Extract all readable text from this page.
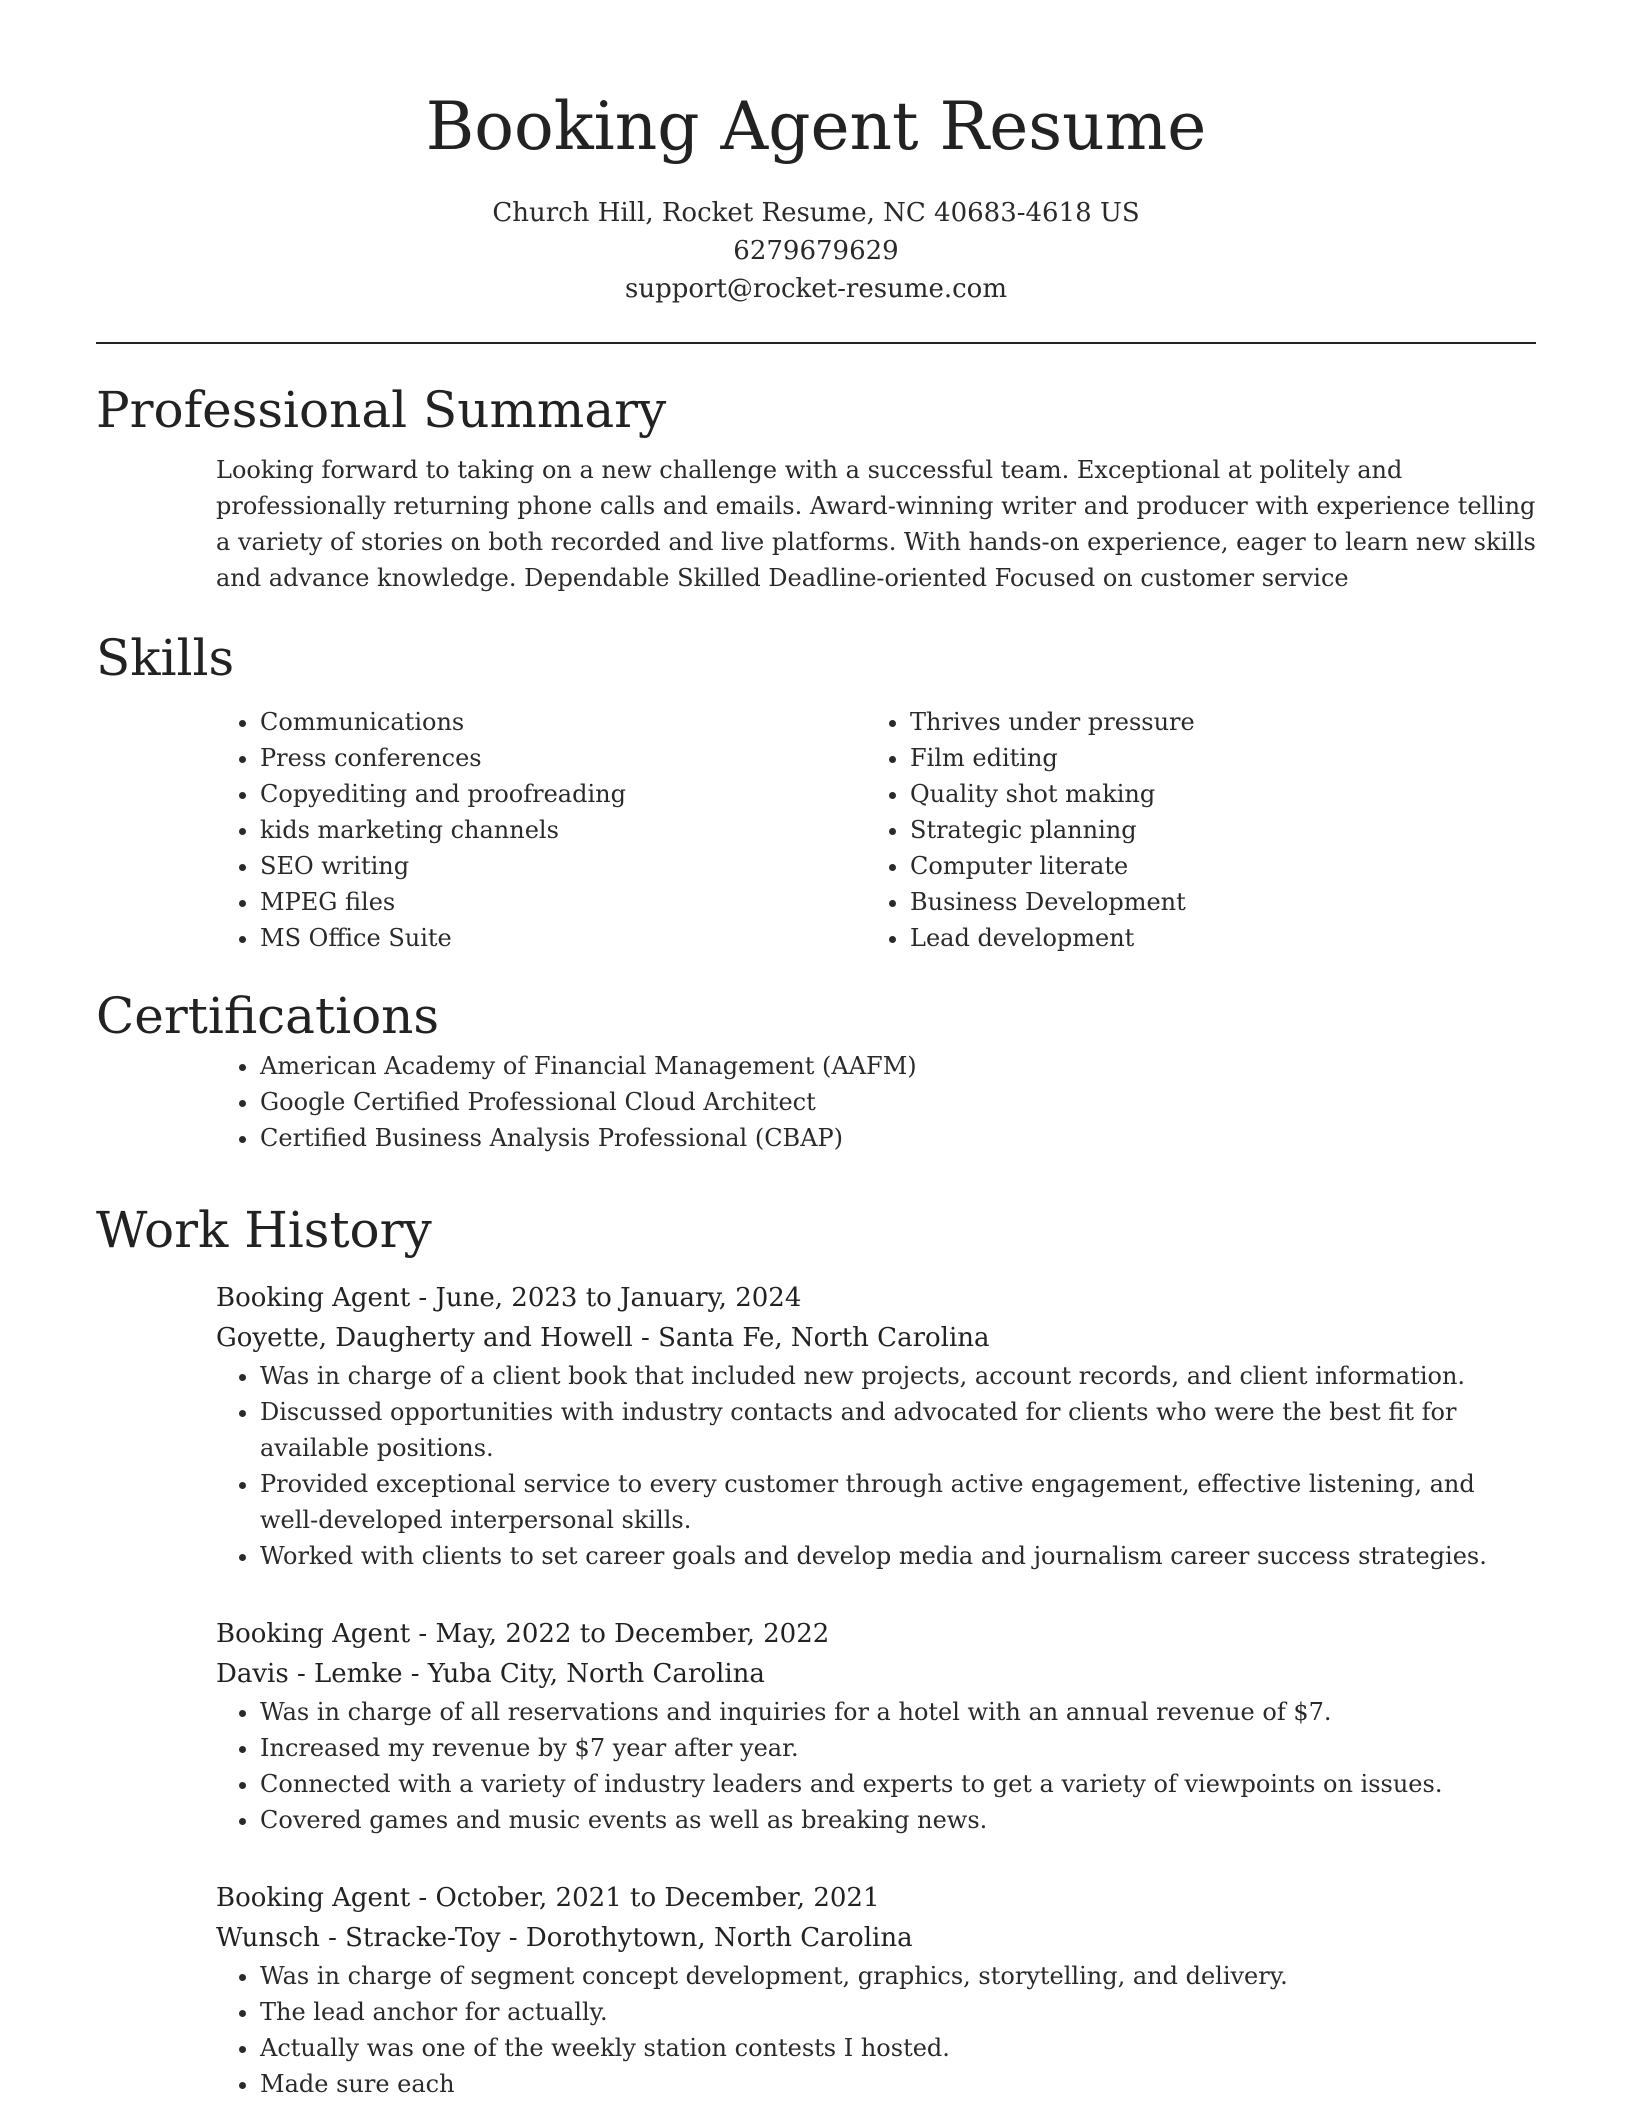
Booking Agent Resume
Church Hill, Rocket Resume, NC 40683-4618 US
6279679629
support@rocket-resume.com
Professional Summary

Looking forward to taking on a new challenge with a successful team. Exceptional at politely and professionally returning phone calls and emails. Award-winning writer and producer with experience telling a variety of stories on both recorded and live platforms. With hands-on experience, eager to learn new skills and advance knowledge. Dependable Skilled Deadline-oriented Focused on customer service

Skills
• Communications
• Press conferences
• Copyediting and proofreading
• kids marketing channels
• SEO writing
• MPEG files
• MS Office Suite
• Thrives under pressure
• Film editing
• Quality shot making
• Strategic planning
• Computer literate
• Business Development
• Lead development
Certifications
• American Academy of Financial Management (AAFM)
• Google Certified Professional Cloud Architect
• Certified Business Analysis Professional (CBAP)
Work History
Booking Agent - June, 2023 to January, 2024
Goyette, Daugherty and Howell - Santa Fe, North Carolina
• Was in charge of a client book that included new projects, account records, and client information.
• Discussed opportunities with industry contacts and advocated for clients who were the best fit for available positions.
• Provided exceptional service to every customer through active engagement, effective listening, and well-developed interpersonal skills.
• Worked with clients to set career goals and develop media and journalism career success strategies.
Booking Agent - May, 2022 to December, 2022
Davis - Lemke - Yuba City, North Carolina
• Was in charge of all reservations and inquiries for a hotel with an annual revenue of $7.
• Increased my revenue by $7 year after year.
• Connected with a variety of industry leaders and experts to get a variety of viewpoints on issues.
• Covered games and music events as well as breaking news.
Booking Agent - October, 2021 to December, 2021
Wunsch - Stracke-Toy - Dorothytown, North Carolina
• Was in charge of segment concept development, graphics, storytelling, and delivery.
• The lead anchor for actually.
• Actually was one of the weekly station contests I hosted.
• Made sure each
